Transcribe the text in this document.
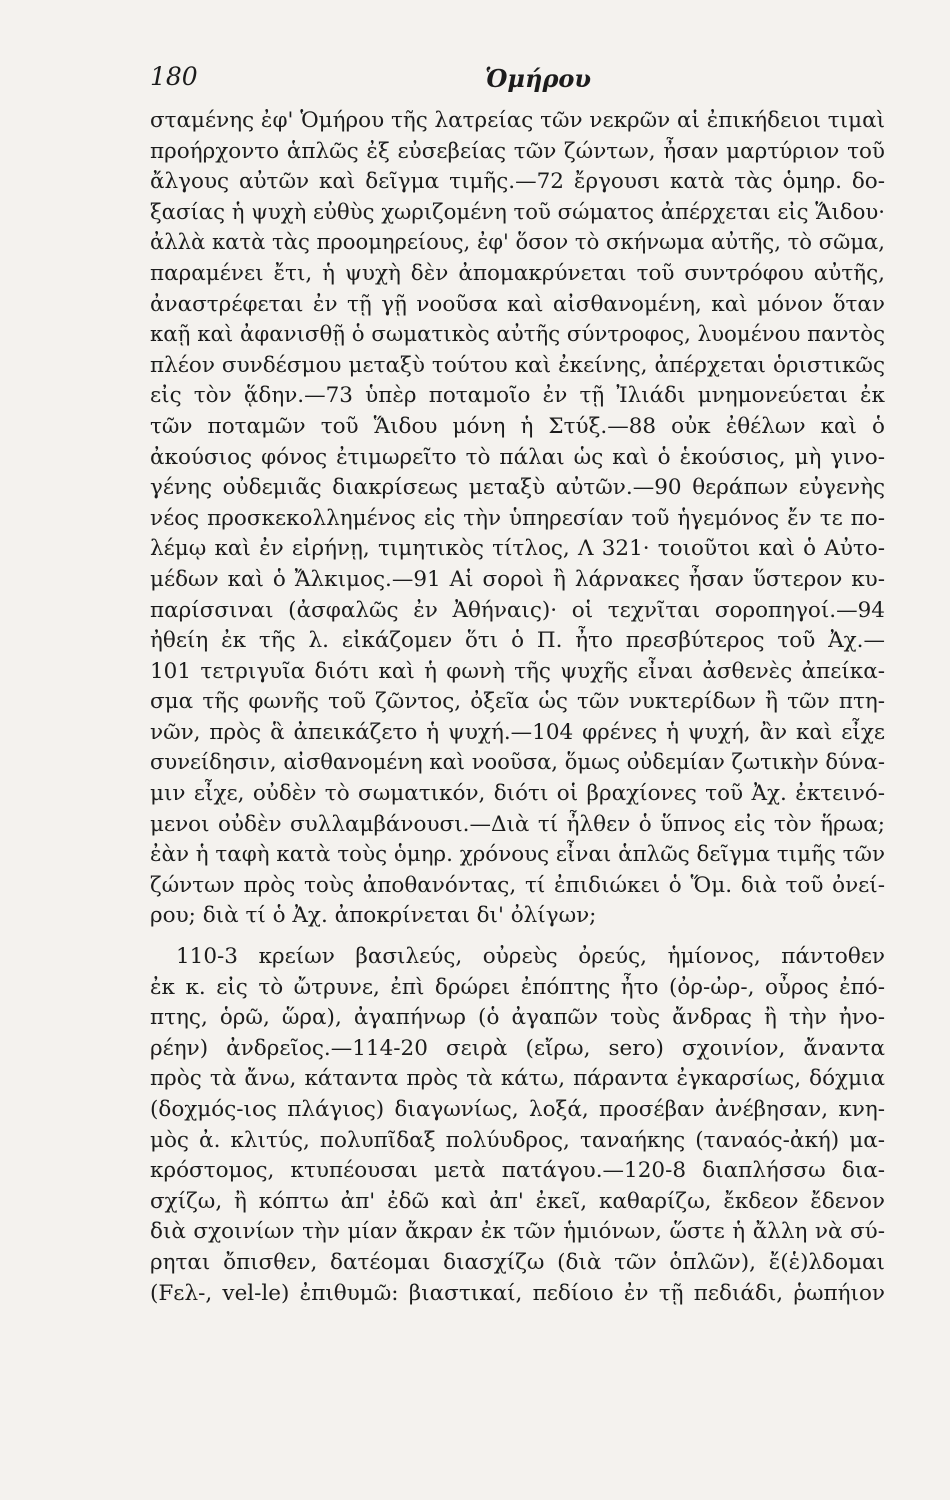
180	Ὁμήρου
σταμένης ἐφ' Ὁμήρου τῆς λατρείας τῶν νεκρῶν αἱ ἐπικήδειοι τιμαὶ
προήρχοντο ἁπλῶς ἐξ εὐσεβείας τῶν ζώντων, ἦσαν μαρτύριον τοῦ
ἄλγους αὐτῶν καὶ δεῖγμα τιμῆς.—72 ἔργουσι κατὰ τὰς ὁμηρ. δο-
ξασίας ἡ ψυχὴ εὐθὺς χωριζομένη τοῦ σώματος ἀπέρχεται εἰς Ἅιδου·
ἀλλὰ κατὰ τὰς προομηρείους, ἐφ' ὅσον τὸ σκήνωμα αὐτῆς, τὸ σῶμα,
παραμένει ἔτι, ἡ ψυχὴ δὲν ἀπομακρύνεται τοῦ συντρόφου αὐτῆς,
ἀναστρέφεται ἐν τῇ γῇ νοοῦσα καὶ αἰσθανομένη, καὶ μόνον ὅταν
καῇ καὶ ἀφανισθῇ ὁ σωματικὸς αὐτῆς σύντροφος, λυομένου παντὸς
πλέον συνδέσμου μεταξὺ τούτου καὶ ἐκείνης, ἀπέρχεται ὁριστικῶς
εἰς τὸν ᾅδην.—73 ὑπὲρ ποταμοῖο ἐν τῇ Ἰλιάδι μνημονεύεται ἐκ
τῶν ποταμῶν τοῦ Ἅιδου μόνη ἡ Στύξ.—88 οὐκ ἐθέλων καὶ ὁ
ἀκούσιος φόνος ἐτιμωρεῖτο τὸ πάλαι ὡς καὶ ὁ ἑκούσιος, μὴ γινο-
γένης οὐδεμιᾶς διακρίσεως μεταξὺ αὐτῶν.—90 θεράπων εὐγενὴς
νέος προσκεκολλημένος εἰς τὴν ὑπηρεσίαν τοῦ ἡγεμόνος ἔν τε πο-
λέμῳ καὶ ἐν εἰρήνῃ, τιμητικὸς τίτλος, Λ 321· τοιοῦτοι καὶ ὁ Αὐτο-
μέδων καὶ ὁ Ἄλκιμος.—91 Αἱ σοροὶ ἢ λάρνακες ἦσαν ὕστερον κυ-
παρίσσιναι (ἀσφαλῶς ἐν Ἀθήναις)· οἱ τεχνῖται σοροπηγοί.—94
ἠθείη ἐκ τῆς λ. εἰκάζομεν ὅτι ὁ Π. ἦτο πρεσβύτερος τοῦ Ἀχ.—
101 τετριγυῖα διότι καὶ ἡ φωνὴ τῆς ψυχῆς εἶναι ἀσθενὲς ἀπείκα-
σμα τῆς φωνῆς τοῦ ζῶντος, ὀξεῖα ὡς τῶν νυκτερίδων ἢ τῶν πτη-
νῶν, πρὸς ἃ ἀπεικάζετο ἡ ψυχή.—104 φρένες ἡ ψυχή, ἂν καὶ εἶχε
συνείδησιν, αἰσθανομένη καὶ νοοῦσα, ὅμως οὐδεμίαν ζωτικὴν δύνα-
μιν εἶχε, οὐδὲν τὸ σωματικόν, διότι οἱ βραχίονες τοῦ Ἀχ. ἐκτεινό-
μενοι οὐδὲν συλλαμβάνουσι.—Διὰ τί ἦλθεν ὁ ὕπνος εἰς τὸν ἥρωα;
ἐὰν ἡ ταφὴ κατὰ τοὺς ὁμηρ. χρόνους εἶναι ἁπλῶς δεῖγμα τιμῆς τῶν
ζώντων πρὸς τοὺς ἀποθανόντας, τί ἐπιδιώκει ὁ Ὅμ. διὰ τοῦ ὀνεί-
ρου; διὰ τί ὁ Ἀχ. ἀποκρίνεται δι' ὀλίγων;
110-3 κρείων βασιλεύς, οὐρεὺς ὀρεύς, ἡμίονος, πάντοθεν
ἐκ κ. εἰς τὸ ὤτρυνε, ἐπὶ δρώρει ἐπόπτης ἦτο (ὀρ-ὠρ-, οὖρος ἐπό-
πτης, ὁρῶ, ὥρα), ἀγαπήνωρ (ὁ ἀγαπῶν τοὺς ἄνδρας ἢ τὴν ἠνο-
ρέην) ἀνδρεῖος.—114-20 σειρὰ (εἴρω, sero) σχοινίον, ἄναντα
πρὸς τὰ ἄνω, κάταντα πρὸς τὰ κάτω, πάραντα ἐγκαρσίως, δόχμια
(δοχμός-ιος πλάγιος) διαγωνίως, λοξά, προσέβαν ἀνέβησαν, κνη-
μὸς ἀ. κλιτύς, πολυπῖδαξ πολύυδρος, ταναήκης (ταναός-ἀκή) μα-
κρόστομος, κτυπέουσαι μετὰ πατάγου.—120-8 διαπλήσσω δια-
σχίζω, ἢ κόπτω ἀπ' ἐδῶ καὶ ἀπ' ἐκεῖ, καθαρίζω, ἔκδεον ἔδενον
διὰ σχοινίων τὴν μίαν ἄκραν ἐκ τῶν ἡμιόνων, ὥστε ἡ ἄλλη νὰ σύ-
ρηται ὄπισθεν, δατέομαι διασχίζω (διὰ τῶν ὁπλῶν), ἔ(ἑ)λδομαι
(Fελ-, vel-le) ἐπιθυμῶ: βιαστικαί, πεδίοιο ἐν τῇ πεδιάδι, ῥωπήιον
